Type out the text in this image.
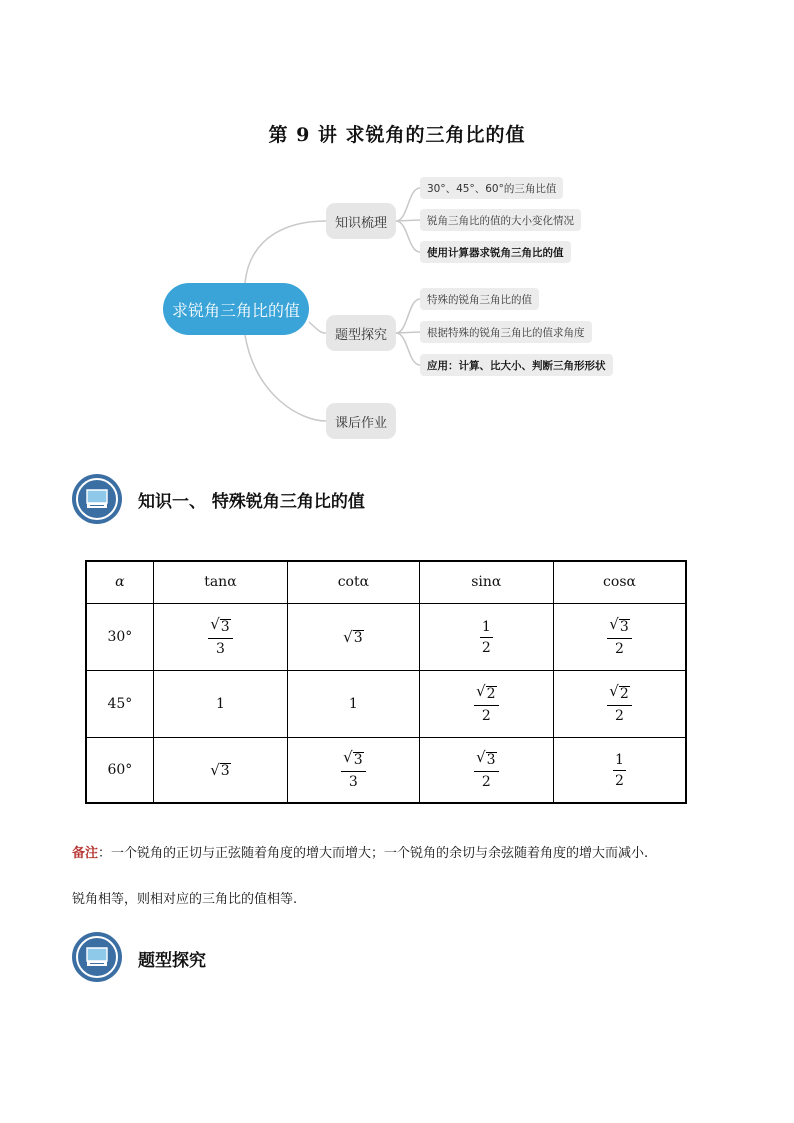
第 9 讲 求锐角的三角比的值
求锐角三角比的值
知识梳理
题型探究
课后作业
30°、45°、60°的三角比值
锐角三角比的值的大小变化情况
使用计算器求锐角三角比的值
特殊的锐角三角比的值
根据特殊的锐角三角比的值求角度
应用：计算、比大小、判断三角形形状
知识一、 特殊锐角三角比的值
α	tanα	cotα	sinα	cosα
30°	$\frac{√ 3}{3}$	√ 3	$\frac{1}{2}$	$\frac{√ 3}{2}$

45°	1	1	$\frac{√ 2}{2}$	$\frac{√ 2}{2}$

60°	√ 3	$\frac{√ 3}{3}$	$\frac{√ 3}{2}$	$\frac{1}{2}$
备注：一个锐角的正切与正弦随着角度的增大而增大；一个锐角的余切与余弦随着角度的增大而减小.
锐角相等，则相对应的三角比的值相等.
题型探究
